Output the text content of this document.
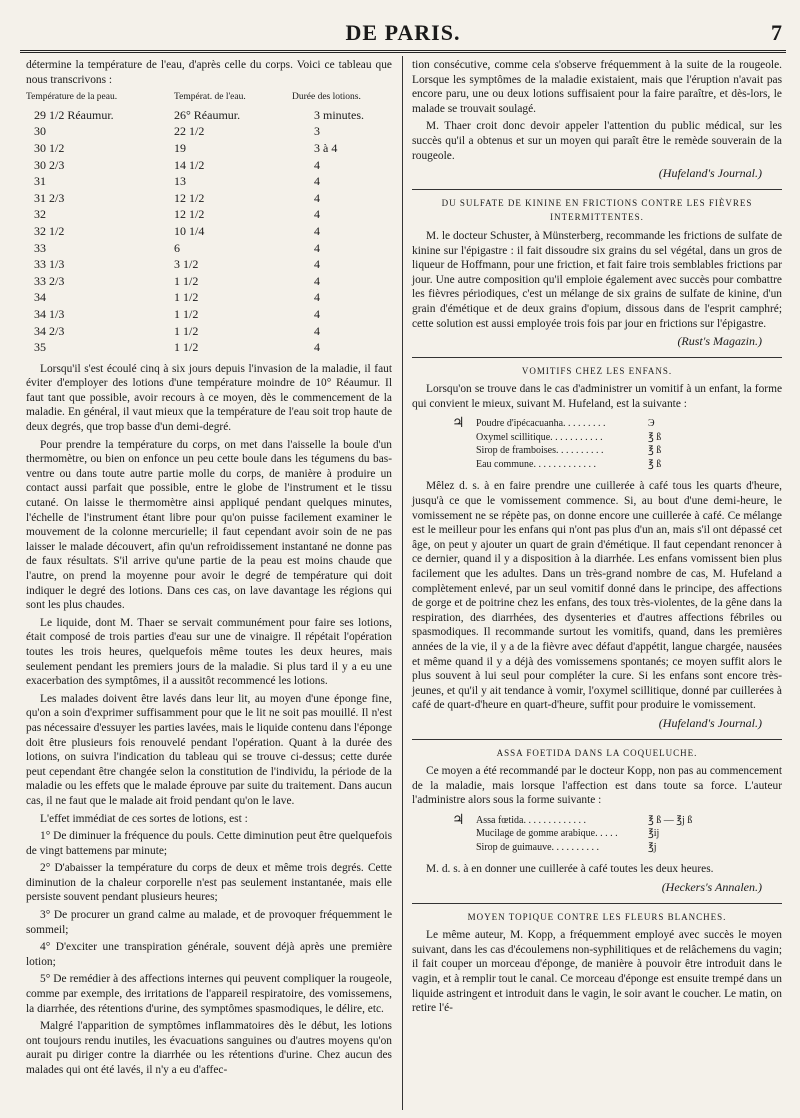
DE PARIS.	7

détermine la température de l'eau, d'après celle du corps. Voici ce tableau que nous transcrivons :

Température de la peau.	Températ. de l'eau.	Durée des lotions.
29 1/2 Réaumur.	26° Réaumur.	3 minutes.
30	22 1/2	3
30 1/2	19	3 à 4
30 2/3	14 1/2	4
31	13	4
31 2/3	12 1/2	4
32	12 1/2	4
32 1/2	10 1/4	4
33	6	4
33 1/3	3 1/2	4
33 2/3	1 1/2	4
34	1 1/2	4
34 1/3	1 1/2	4
34 2/3	1 1/2	4
35	1 1/2	4

Lorsqu'il s'est écoulé cinq à six jours depuis l'invasion de la maladie, il faut éviter d'employer des lotions d'une température moindre de 10° Réaumur. Il faut tant que possible, avoir recours à ce moyen, dès le commencement de la maladie. En général, il vaut mieux que la température de l'eau soit trop haute de deux degrés, que trop basse d'un demi-degré.

Pour prendre la température du corps, on met dans l'aisselle la boule d'un thermomètre, ou bien on enfonce un peu cette boule dans les tégumens du bas-ventre ou dans toute autre partie molle du corps, de manière à produire un contact aussi parfait que possible, entre le globe de l'instrument et le tissu cutané. On laisse le thermomètre ainsi appliqué pendant quelques minutes, l'échelle de l'instrument étant libre pour qu'on puisse facilement examiner le mouvement de la colonne mercurielle; il faut cependant avoir soin de ne pas laisser le malade découvert, afin qu'un refroidissement instantané ne donne pas de faux résultats. S'il arrive qu'une partie de la peau est moins chaude que l'autre, on prend la moyenne pour avoir le degré de température qui doit indiquer le degré des lotions. Dans ces cas, on lave davantage les régions qui sont les plus chaudes.

Le liquide, dont M. Thaer se servait communément pour faire ses lotions, était composé de trois parties d'eau sur une de vinaigre. Il répétait l'opération toutes les trois heures, quelquefois même toutes les deux heures, mais seulement pendant les premiers jours de la maladie. Si plus tard il y a eu une exacerbation des symptômes, il a aussitôt recommencé les lotions.

Les malades doivent être lavés dans leur lit, au moyen d'une éponge fine, qu'on a soin d'exprimer suffisamment pour que le lit ne soit pas mouillé. Il n'est pas nécessaire d'essuyer les parties lavées, mais le liquide contenu dans l'éponge doit être plusieurs fois renouvelé pendant l'opération. Quant à la durée des lotions, on suivra l'indication du tableau qui se trouve ci-dessus; cette durée peut cependant être changée selon la constitution de l'individu, la période de la maladie ou les effets que le malade éprouve par suite du traitement. Dans aucun cas, il ne faut que le malade ait froid pendant qu'on le lave.

L'effet immédiat de ces sortes de lotions, est :

1° De diminuer la fréquence du pouls. Cette diminution peut être quelquefois de vingt battemens par minute;

2° D'abaisser la température du corps de deux et même trois degrés. Cette diminution de la chaleur corporelle n'est pas seulement instantanée, mais elle persiste souvent pendant plusieurs heures;

3° De procurer un grand calme au malade, et de provoquer fréquemment le sommeil;

4° D'exciter une transpiration générale, souvent déjà après une première lotion;

5° De remédier à des affections internes qui peuvent compliquer la rougeole, comme par exemple, des irritations de l'appareil respiratoire, des vomissemens, la diarrhée, des rétentions d'urine, des symptômes spasmodiques, le délire, etc.

Malgré l'apparition de symptômes inflammatoires dès le début, les lotions ont toujours rendu inutiles, les évacuations sanguines ou d'autres moyens qu'on aurait pu diriger contre la diarrhée ou les rétentions d'urine. Chez aucun des malades qui ont été lavés, il n'y a eu d'affec-

tion consécutive, comme cela s'observe fréquemment à la suite de la rougeole. Lorsque les symptômes de la maladie existaient, mais que l'éruption n'avait pas encore paru, une ou deux lotions suffisaient pour la faire paraître, et dès-lors, le malade se trouvait soulagé.

M. Thaer croit donc devoir appeler l'attention du public médical, sur les succès qu'il a obtenus et sur un moyen qui paraît être le remède souverain de la rougeole.

(Hufeland's Journal.)

DU SULFATE DE KININE EN FRICTIONS CONTRE LES FIÈVRES INTERMITTENTES.

M. le docteur Schuster, à Münsterberg, recommande les frictions de sulfate de kinine sur l'épigastre : il fait dissoudre six grains du sel végétal, dans un gros de liqueur de Hoffmann, pour une friction, et fait faire trois semblables frictions par jour. Une autre composition qu'il emploie également avec succès pour combattre les fièvres périodiques, c'est un mélange de six grains de sulfate de kinine, d'un grain d'émétique et de deux grains d'opium, dissous dans de l'esprit camphré; cette solution est aussi employée trois fois par jour en frictions sur l'épigastre.

(Rust's Magazin.)

VOMITIFS CHEZ LES ENFANS.

Lorsqu'on se trouve dans le cas d'administrer un vomitif à un enfant, la forme qui convient le mieux, suivant M. Hufeland, est la suivante :

♃	Poudre d'ipécacuanha. . . . . . . . .	Э
Oxymel scillitique. . . . . . . . . . .	℥ ß
Sirop de framboises. . . . . . . . . .	℥ ß
Eau commune. . . . . . . . . . . . .	℥ ß

Mêlez d. s. à en faire prendre une cuillerée à café tous les quarts d'heure, jusqu'à ce que le vomissement commence. Si, au bout d'une demi-heure, le vomissement ne se répète pas, on donne encore une cuillerée à café. Ce mélange est le meilleur pour les enfans qui n'ont pas plus d'un an, mais s'il ont dépassé cet âge, on peut y ajouter un quart de grain d'émétique. Il faut cependant renoncer à ce dernier, quand il y a disposition à la diarrhée. Les enfans vomissent bien plus facilement que les adultes. Dans un très-grand nombre de cas, M. Hufeland a complètement enlevé, par un seul vomitif donné dans le principe, des affections de gorge et de poitrine chez les enfans, des toux très-violentes, de la gêne dans la respiration, des diarrhées, des dysenteries et d'autres affections fébriles ou spasmodiques. Il recommande surtout les vomitifs, quand, dans les premières années de la vie, il y a de la fièvre avec défaut d'appétit, langue chargée, nausées et même quand il y a déjà des vomissemens spontanés; ce moyen suffit alors le plus souvent à lui seul pour compléter la cure. Si les enfans sont encore très-jeunes, et qu'il y ait tendance à vomir, l'oxymel scillitique, donné par cuillerées à café de quart-d'heure en quart-d'heure, suffit pour produire le vomissement.

(Hufeland's Journal.)

ASSA FOETIDA DANS LA COQUELUCHE.

Ce moyen a été recommandé par le docteur Kopp, non pas au commencement de la maladie, mais lorsque l'affection est dans toute sa force. L'auteur l'administre alors sous la forme suivante :

♃	Assa fœtida. . . . . . . . . . . . .	℥ ß — ℥j ß
Mucilage de gomme arabique. . . . .	℥ij
Sirop de guimauve. . . . . . . . . .	℥j

M. d. s. à en donner une cuillerée à café toutes les deux heures.

(Heckers's Annalen.)

MOYEN TOPIQUE CONTRE LES FLEURS BLANCHES.

Le même auteur, M. Kopp, a fréquemment employé avec succès le moyen suivant, dans les cas d'écoulemens non-syphilitiques et de relâchemens du vagin; il fait couper un morceau d'éponge, de manière à pouvoir être introduit dans le vagin, et à remplir tout le canal. Ce morceau d'éponge est ensuite trempé dans un liquide astringent et introduit dans le vagin, le soir avant le coucher. Le matin, on retire l'é-
